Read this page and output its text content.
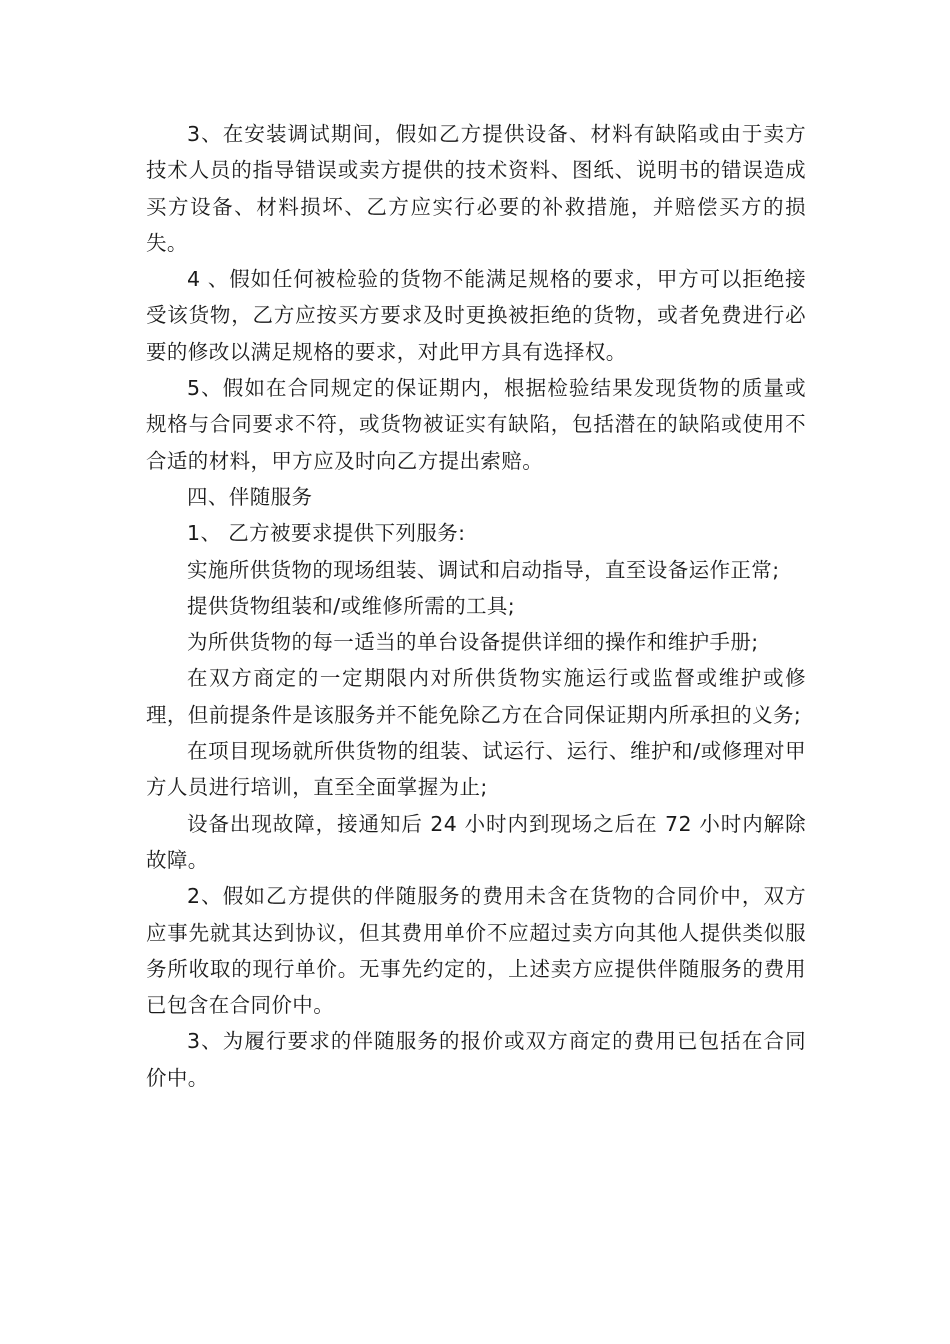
3、在安装调试期间，假如乙方提供设备、材料有缺陷或由于卖方技术人员的指导错误或卖方提供的技术资料、图纸、说明书的错误造成买方设备、材料损坏、乙方应实行必要的补救措施，并赔偿买方的损失。

4 、假如任何被检验的货物不能满足规格的要求，甲方可以拒绝接受该货物，乙方应按买方要求及时更换被拒绝的货物，或者免费进行必要的修改以满足规格的要求，对此甲方具有选择权。

5、假如在合同规定的保证期内，根据检验结果发现货物的质量或规格与合同要求不符，或货物被证实有缺陷，包括潜在的缺陷或使用不合适的材料，甲方应及时向乙方提出索赔。

四、伴随服务

1、 乙方被要求提供下列服务:

实施所供货物的现场组装、调试和启动指导，直至设备运作正常;

提供货物组装和/或维修所需的工具;

为所供货物的每一适当的单台设备提供详细的操作和维护手册;

在双方商定的一定期限内对所供货物实施运行或监督或维护或修理，但前提条件是该服务并不能免除乙方在合同保证期内所承担的义务;

在项目现场就所供货物的组装、试运行、运行、维护和/或修理对甲方人员进行培训，直至全面掌握为止;

设备出现故障，接通知后 24 小时内到现场之后在 72 小时内解除故障。

2、假如乙方提供的伴随服务的费用未含在货物的合同价中，双方应事先就其达到协议，但其费用单价不应超过卖方向其他人提供类似服务所收取的现行单价。无事先约定的，上述卖方应提供伴随服务的费用已包含在合同价中。

3、为履行要求的伴随服务的报价或双方商定的费用已包括在合同价中。
